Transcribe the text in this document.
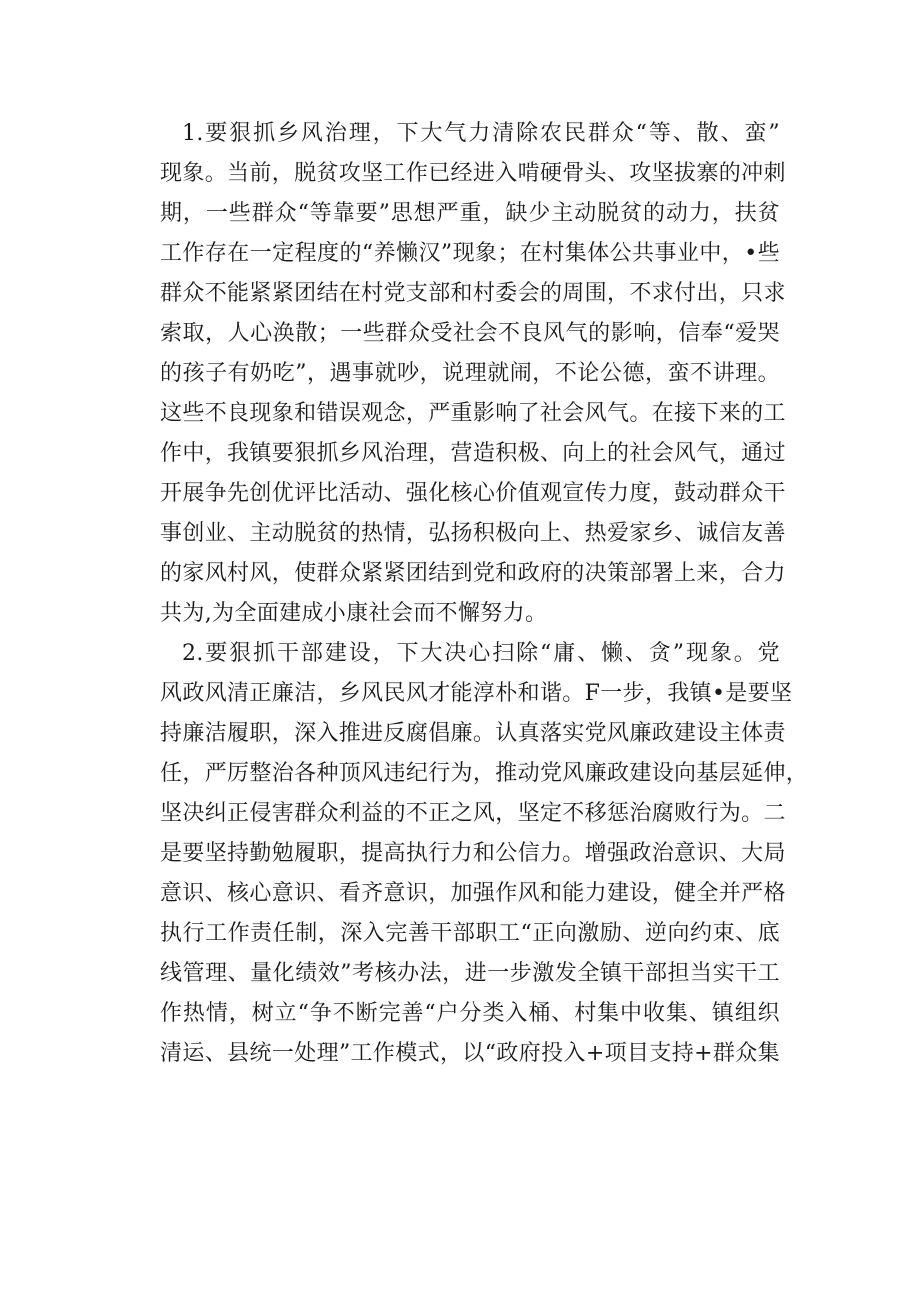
1.要狠抓乡风治理，下大气力清除农民群众“等、散、蛮”
现象。当前，脱贫攻坚工作已经进入啃硬骨头、攻坚拔寨的冲刺
期，一些群众“等靠要”思想严重，缺少主动脱贫的动力，扶贫
工作存在一定程度的“养懒汉”现象；在村集体公共事业中，•些
群众不能紧紧团结在村党支部和村委会的周围，不求付出，只求
索取，人心涣散；一些群众受社会不良风气的影响，信奉“爱哭
的孩子有奶吃”，遇事就吵，说理就闹，不论公德，蛮不讲理。
这些不良现象和错误观念，严重影响了社会风气。在接下来的工
作中，我镇要狠抓乡风治理，营造积极、向上的社会风气，通过
开展争先创优评比活动、强化核心价值观宣传力度，鼓动群众干
事创业、主动脱贫的热情，弘扬积极向上、热爱家乡、诚信友善
的家风村风，使群众紧紧团结到党和政府的决策部署上来，合力
共为,为全面建成小康社会而不懈努力。
2.要狠抓干部建设，下大决心扫除“庸、懒、贪”现象。党
风政风清正廉洁，乡风民风才能淳朴和谐。F一步，我镇•是要坚
持廉洁履职，深入推进反腐倡廉。认真落实党风廉政建设主体责
任，严厉整治各种顶风违纪行为，推动党风廉政建设向基层延伸，
坚决纠正侵害群众利益的不正之风，坚定不移惩治腐败行为。二
是要坚持勤勉履职，提高执行力和公信力。增强政治意识、大局
意识、核心意识、看齐意识，加强作风和能力建设，健全并严格
执行工作责任制，深入完善干部职工“正向激励、逆向约束、底
线管理、量化绩效”考核办法，进一步激发全镇干部担当实干工
作热情，树立“争不断完善“户分类入桶、村集中收集、镇组织
清运、县统一处理”工作模式，以“政府投入+项目支持+群众集
